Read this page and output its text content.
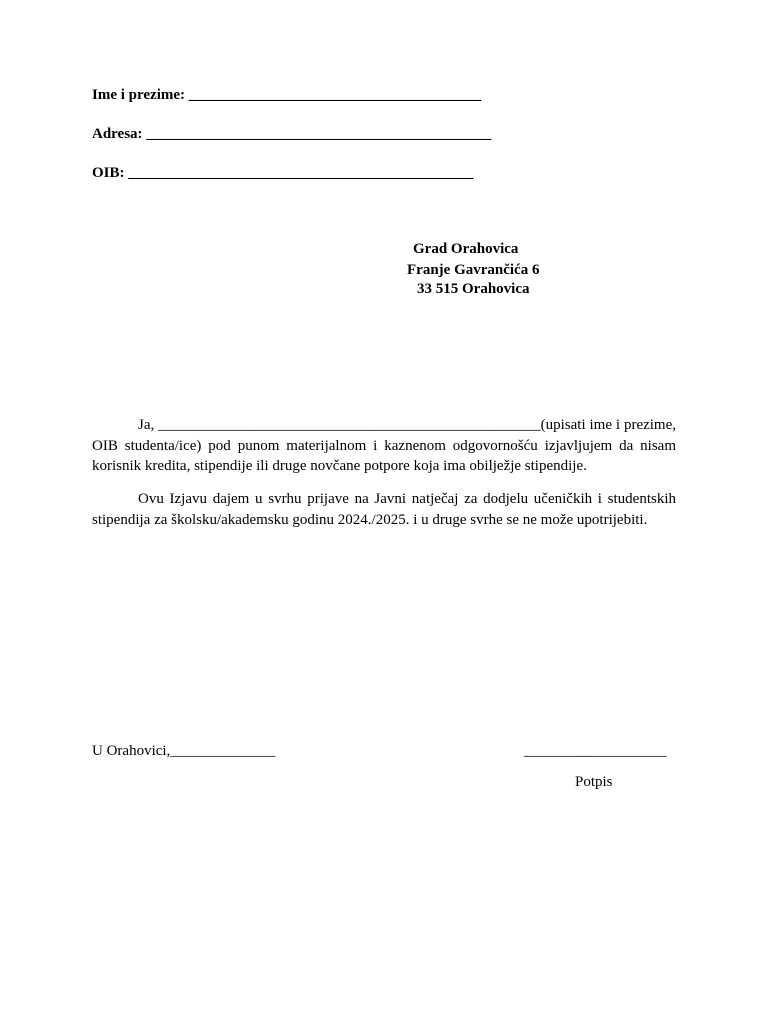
Ime i prezime: _______________________________________
Adresa: ______________________________________________
OIB: ______________________________________________
Grad Orahovica
Franje Gavrančića 6
33 515 Orahovica

Ja, ___________________________________________________(upisati ime i prezime, OIB studenta/ice) pod punom materijalnom i kaznenom odgovornošću izjavljujem da nisam korisnik kredita, stipendije ili druge novčane potpore koja ima obilježje stipendije.

Ovu Izjavu dajem u svrhu prijave na Javni natječaj za dodjelu učeničkih i studentskih stipendija za školsku/akademsku godinu 2024./2025. i u druge svrhe se ne može upotrijebiti.

U Orahovici,______________	___________________
Potpis
